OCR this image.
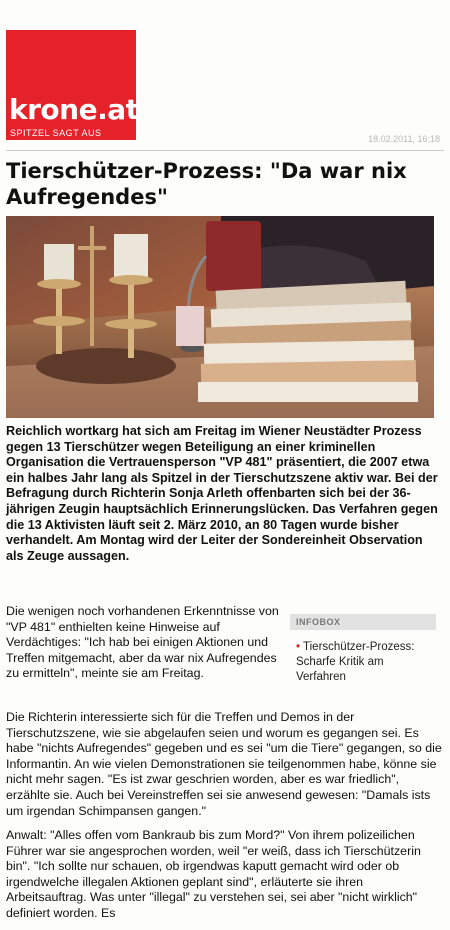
krone.at
SPITZEL SAGT AUS
18.02.2011, 16:18
Tierschützer-Prozess: "Da war nix Aufregendes"

Reichlich wortkarg hat sich am Freitag im Wiener Neustädter Prozess gegen 13 Tierschützer wegen Beteiligung an einer kriminellen Organisation die Vertrauensperson "VP 481" präsentiert, die 2007 etwa ein halbes Jahr lang als Spitzel in der Tierschutzszene aktiv war. Bei der Befragung durch Richterin Sonja Arleth offenbarten sich bei der 36-jährigen Zeugin hauptsächlich Erinnerungslücken. Das Verfahren gegen die 13 Aktivisten läuft seit 2. März 2010, an 80 Tagen wurde bisher verhandelt. Am Montag wird der Leiter der Sondereinheit Observation als Zeuge aussagen.

Die wenigen noch vorhandenen Erkenntnisse von "VP 481" enthielten keine Hinweise auf Verdächtiges: "Ich hab bei einigen Aktionen und Treffen mitgemacht, aber da war nix Aufregendes zu ermitteln", meinte sie am Freitag.

INFOBOX
• Tierschützer-Prozess: Scharfe Kritik am Verfahren

Die Richterin interessierte sich für die Treffen und Demos in der Tierschutzszene, wie sie abgelaufen seien und worum es gegangen sei. Es habe "nichts Aufregendes" gegeben und es sei "um die Tiere" gegangen, so die Informantin. An wie vielen Demonstrationen sie teilgenommen habe, könne sie nicht mehr sagen. "Es ist zwar geschrien worden, aber es war friedlich", erzählte sie. Auch bei Vereinstreffen sei sie anwesend gewesen: "Damals ists um irgendan Schimpansen gangen."

Anwalt: "Alles offen vom Bankraub bis zum Mord?" Von ihrem polizeilichen Führer war sie angesprochen worden, weil "er weiß, dass ich Tierschützerin bin". "Ich sollte nur schauen, ob irgendwas kaputt gemacht wird oder ob irgendwelche illegalen Aktionen geplant sind", erläuterte sie ihren Arbeitsauftrag. Was unter "illegal" zu verstehen sei, sei aber "nicht wirklich" definiert worden. Es
